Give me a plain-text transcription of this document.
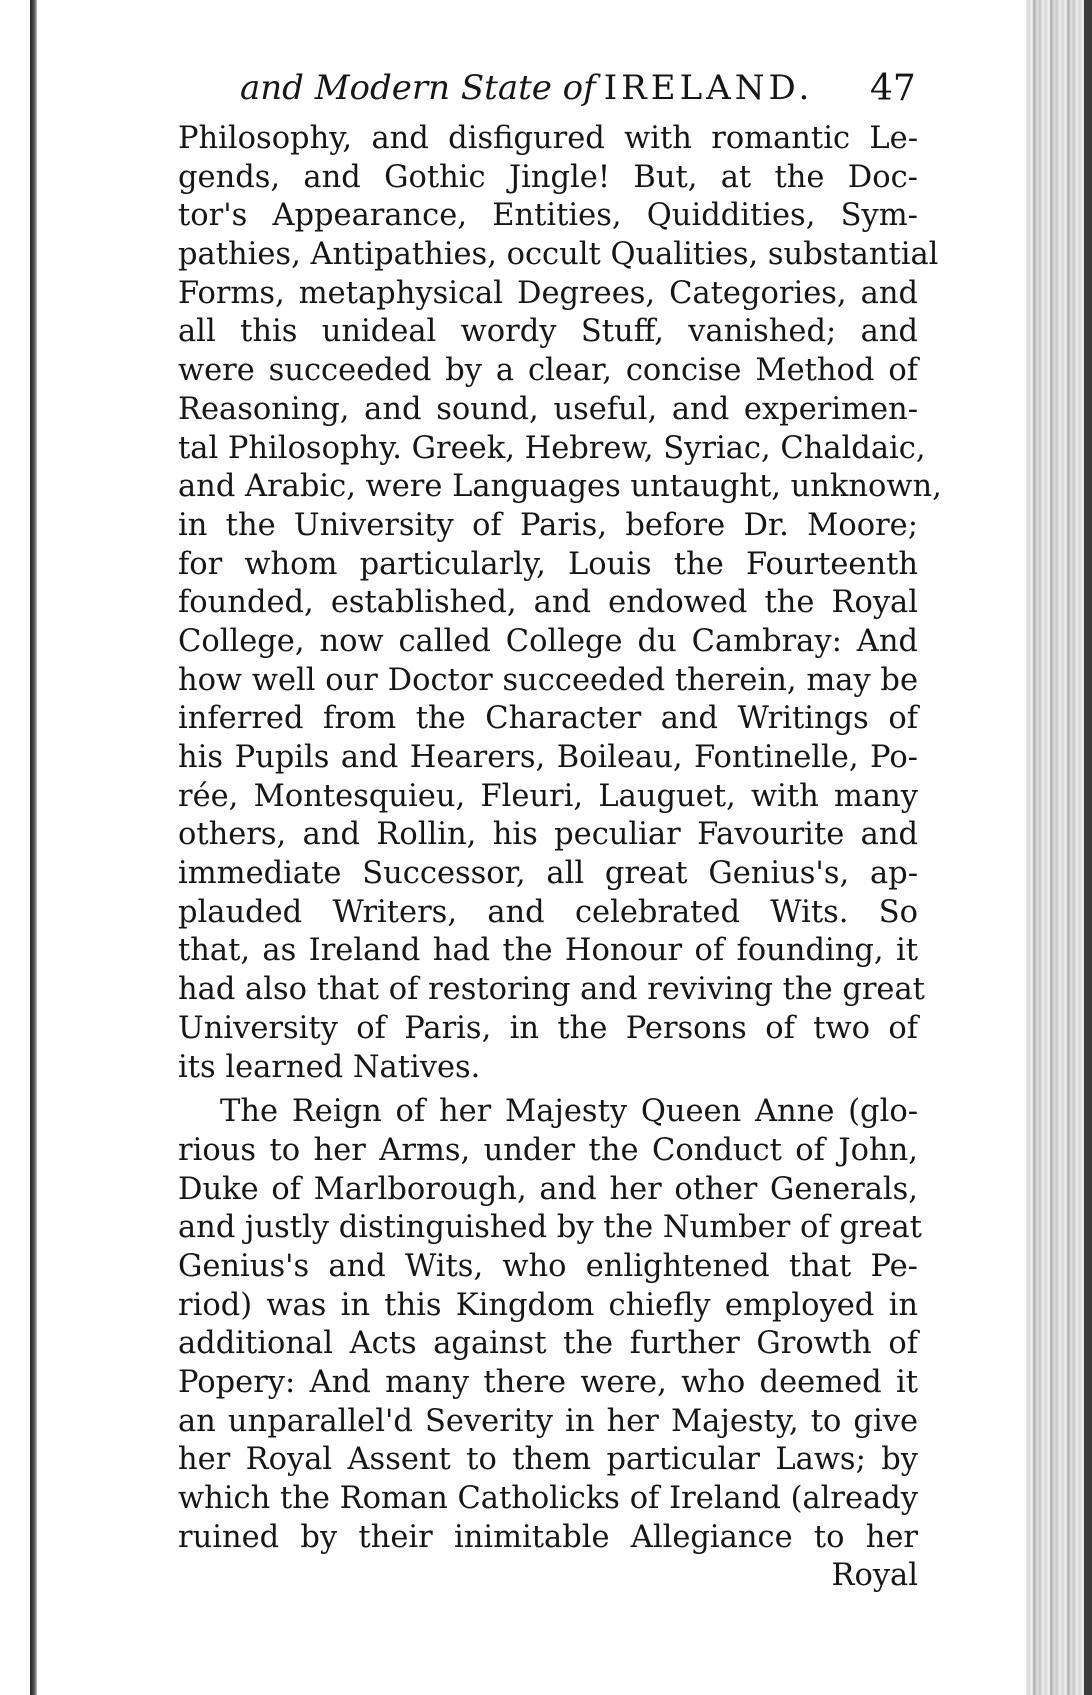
and Modern State of IRELAND. 47
Philosophy, and disfigured with romantic Le-
gends, and Gothic Jingle! But, at the Doc-
tor's Appearance, Entities, Quiddities, Sym-
pathies, Antipathies, occult Qualities, substantial
Forms, metaphysical Degrees, Categories, and
all this unideal wordy Stuff, vanished; and
were succeeded by a clear, concise Method of
Reasoning, and sound, useful, and experimen-
tal Philosophy. Greek, Hebrew, Syriac, Chaldaic,
and Arabic, were Languages untaught, unknown,
in the University of Paris, before Dr. Moore;
for whom particularly, Louis the Fourteenth
founded, established, and endowed the Royal
College, now called College du Cambray: And
how well our Doctor succeeded therein, may be
inferred from the Character and Writings of
his Pupils and Hearers, Boileau, Fontinelle, Po-
rée, Montesquieu, Fleuri, Lauguet, with many
others, and Rollin, his peculiar Favourite and
immediate Successor, all great Genius's, ap-
plauded Writers, and celebrated Wits. So
that, as Ireland had the Honour of founding, it
had also that of restoring and reviving the great
University of Paris, in the Persons of two of
its learned Natives.
The Reign of her Majesty Queen Anne (glo-
rious to her Arms, under the Conduct of John,
Duke of Marlborough, and her other Generals,
and justly distinguished by the Number of great
Genius's and Wits, who enlightened that Pe-
riod) was in this Kingdom chiefly employed in
additional Acts against the further Growth of
Popery: And many there were, who deemed it
an unparallel'd Severity in her Majesty, to give
her Royal Assent to them particular Laws; by
which the Roman Catholicks of Ireland (already
ruined by their inimitable Allegiance to her
Royal
